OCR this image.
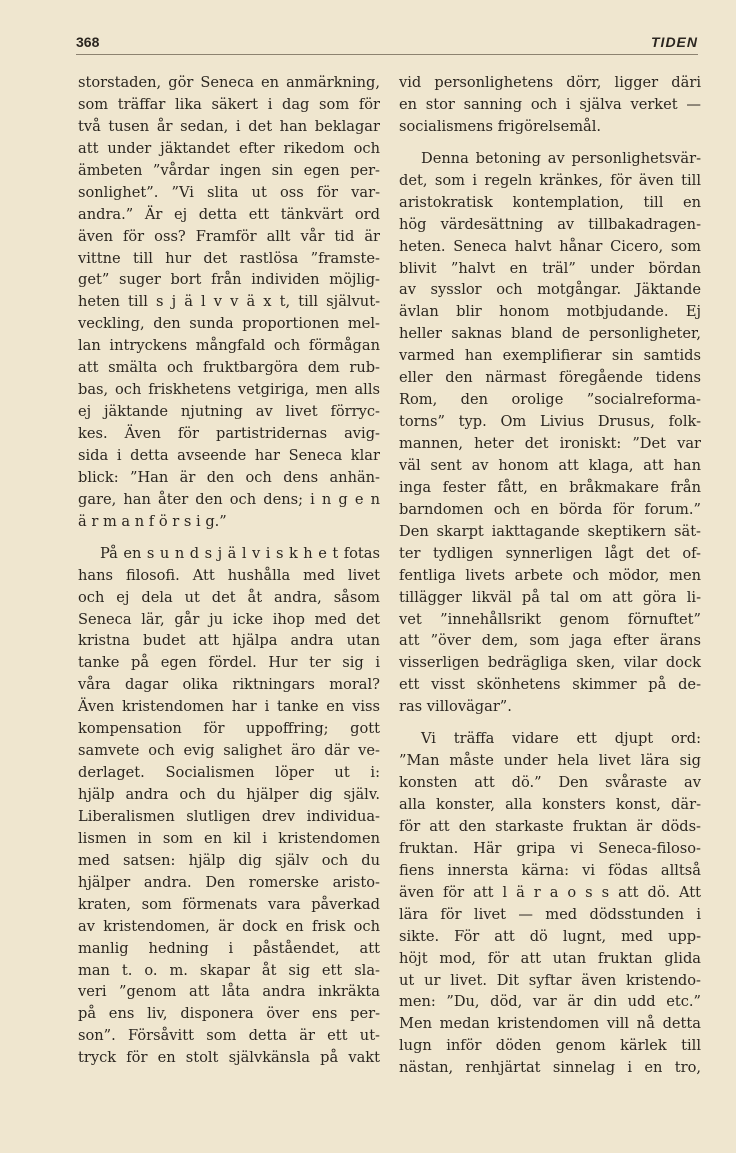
368	TIDEN
storstaden, gör Seneca en anmärkning,
som träffar lika säkert i dag som för
två tusen år sedan, i det han beklagar
att under jäktandet efter rikedom och
ämbeten ”vårdar ingen sin egen per-
sonlighet”. ”Vi slita ut oss för var-
andra.” Är ej detta ett tänkvärt ord
även för oss? Framför allt vår tid är
vittne till hur det rastlösa ”framste-
get” suger bort från individen möjlig-
heten till s j ä l v v ä x t, till självut-
veckling, den sunda proportionen mel-
lan intryckens mångfald och förmågan
att smälta och fruktbargöra dem rub-
bas, och friskhetens vetgiriga, men alls
ej jäktande njutning av livet förryc-
kes. Även för partistridernas avig-
sida i detta avseende har Seneca klar
blick: ”Han är den och dens anhän-
gare, han åter den och dens; i n g e n
ä r m a n f ö r s i g.”
På en s u n d s j ä l v i s k h e t fotas
hans filosofi. Att hushålla med livet
och ej dela ut det åt andra, såsom
Seneca lär, går ju icke ihop med det
kristna budet att hjälpa andra utan
tanke på egen fördel. Hur ter sig i
våra dagar olika riktningars moral?
Även kristendomen har i tanke en viss
kompensation för uppoffring; gott
samvete och evig salighet äro där ve-
derlaget. Socialismen löper ut i:
hjälp andra och du hjälper dig själv.
Liberalismen slutligen drev individua-
lismen in som en kil i kristendomen
med satsen: hjälp dig själv och du
hjälper andra. Den romerske aristo-
kraten, som förmenats vara påverkad
av kristendomen, är dock en frisk och
manlig hedning i påståendet, att
man t. o. m. skapar åt sig ett sla-
veri ”genom att låta andra inkräkta
på ens liv, disponera över ens per-
son”. Försåvitt som detta är ett ut-
tryck för en stolt självkänsla på vakt
vid personlighetens dörr, ligger däri
en stor sanning och i själva verket —
socialismens frigörelsemål.
Denna betoning av personlighetsvär-
det, som i regeln kränkes, för även till
aristokratisk kontemplation, till en
hög värdesättning av tillbakadragen-
heten. Seneca halvt hånar Cicero, som
blivit ”halvt en träl” under bördan
av sysslor och motgångar. Jäktande
ävlan blir honom motbjudande. Ej
heller saknas bland de personligheter,
varmed han exemplifierar sin samtids
eller den närmast föregående tidens
Rom, den orolige ”socialreforma-
torns” typ. Om Livius Drusus, folk-
mannen, heter det ironiskt: ”Det var
väl sent av honom att klaga, att han
inga fester fått, en bråkmakare från
barndomen och en börda för forum.”
Den skarpt iakttagande skeptikern sät-
ter tydligen synnerligen lågt det of-
fentliga livets arbete och mödor, men
tillägger likväl på tal om att göra li-
vet ”innehållsrikt genom förnuftet”
att ”över dem, som jaga efter ärans
visserligen bedrägliga sken, vilar dock
ett visst skönhetens skimmer på de-
ras villovägar”.
Vi träffa vidare ett djupt ord:
”Man måste under hela livet lära sig
konsten att dö.” Den svåraste av
alla konster, alla konsters konst, där-
för att den starkaste fruktan är döds-
fruktan. Här gripa vi Seneca-filoso-
fiens innersta kärna: vi födas alltså
även för att l ä r a o s s att dö. Att
lära för livet — med dödsstunden i
sikte. För att dö lugnt, med upp-
höjt mod, för att utan fruktan glida
ut ur livet. Dit syftar även kristendo-
men: ”Du, död, var är din udd etc.”
Men medan kristendomen vill nå detta
lugn inför döden genom kärlek till
nästan, renhjärtat sinnelag i en tro,
